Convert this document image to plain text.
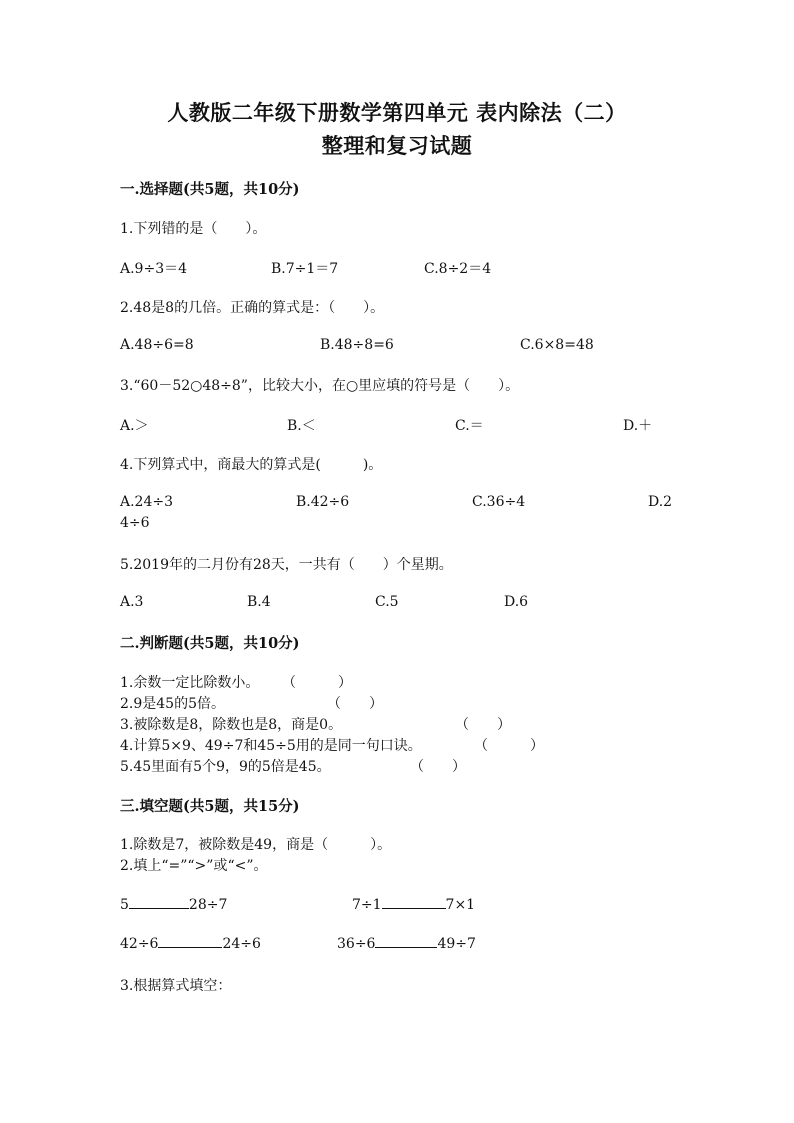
人教版二年级下册数学第四单元 表内除法（二）
整理和复习试题
一.选择题(共5题，共10分)
1.下列错的是（　　）。
A.9÷3＝4	B.7÷1＝7	C.8÷2＝4
2.48是8的几倍。正确的算式是：（　　）。
A.48÷6=8	B.48÷8=6	C.6×8=48
3.“60－52○48÷8”，比较大小，在○里应填的符号是（　　）。
A.＞	B.＜	C.＝	D.＋
4.下列算式中，商最大的算式是(　　　)。
A.24÷3	B.42÷6	C.36÷4	D.2
4÷6
5.2019年的二月份有28天，一共有（　　）个星期。
A.3	B.4	C.5	D.6
二.判断题(共5题，共10分)
1.余数一定比除数小。 （　　　）
2.9是45的5倍。	（　　）
3.被除数是8，除数也是8，商是0。	（　　）
4.计算5×9、49÷7和45÷5用的是同一句口诀。	（　　　）
5.45里面有5个9，9的5倍是45。	（　　）
三.填空题(共5题，共15分)
1.除数是7，被除数是49，商是（　　　）。
2.填上“=”“>”或“<”。
5	28÷7	7÷1	7×1
42÷6	24÷6	36÷6	49÷7
3.根据算式填空：
